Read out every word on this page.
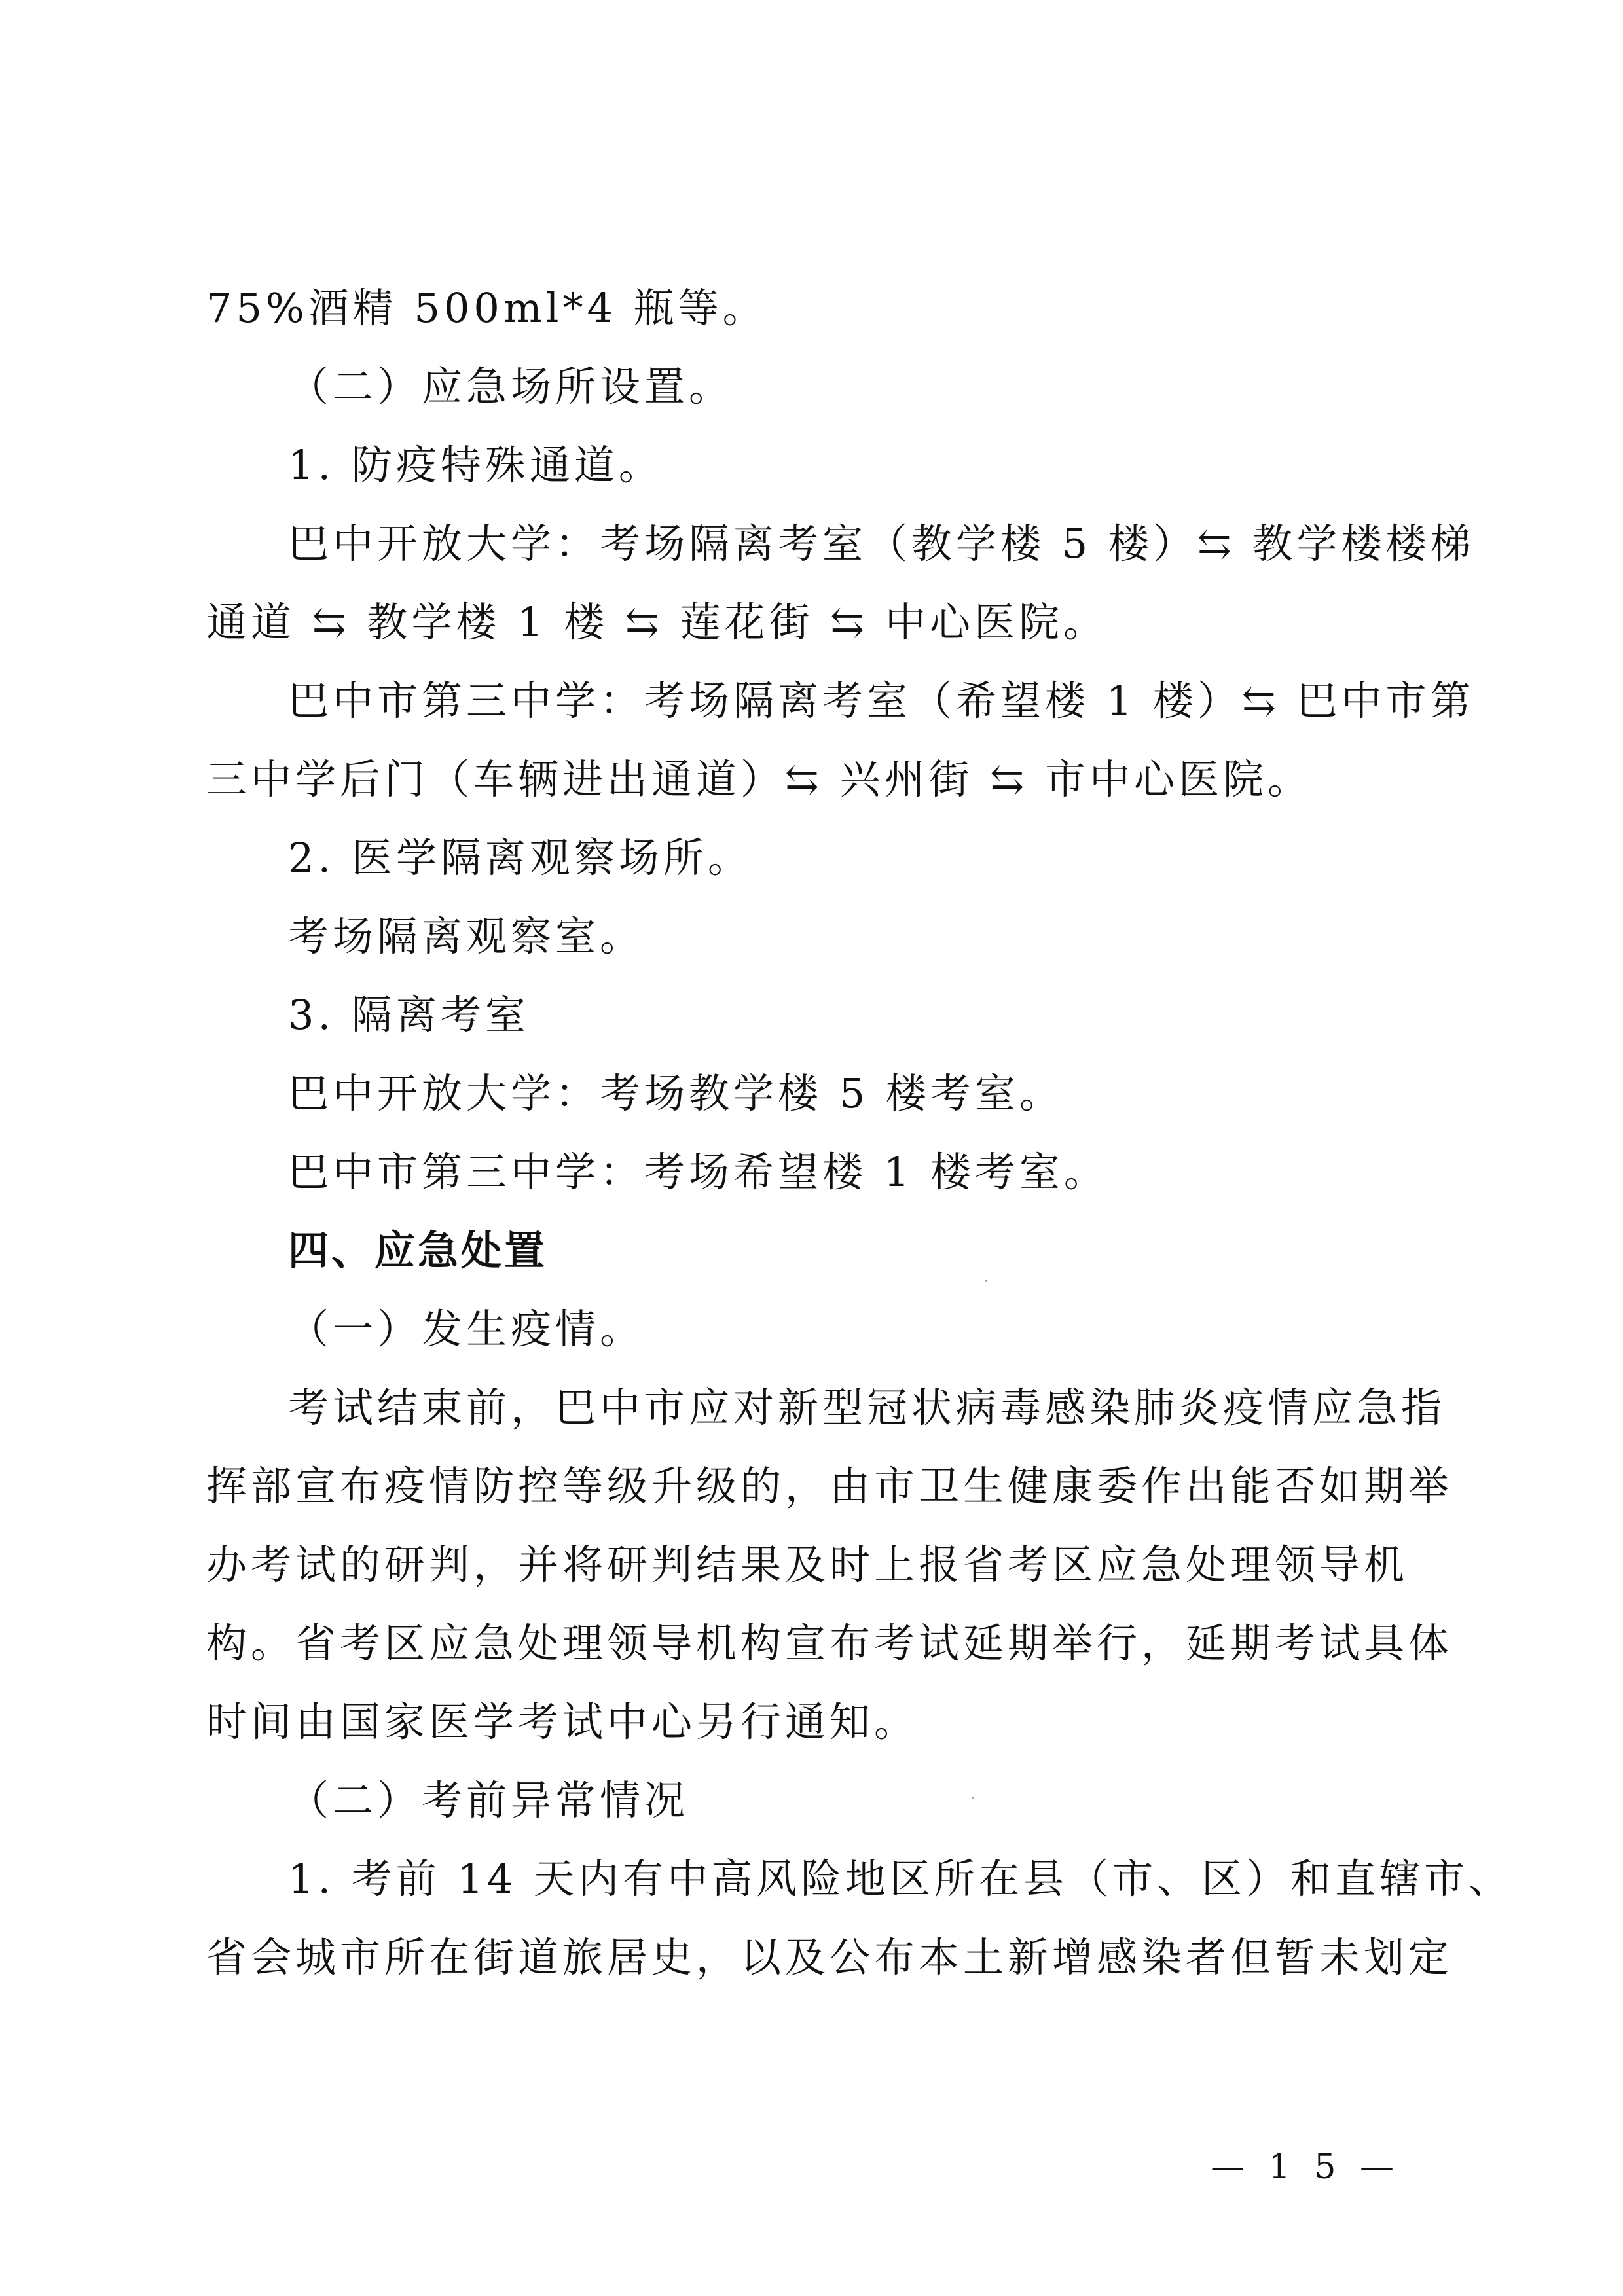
75%酒精 500ml*4 瓶等。
（二）应急场所设置。
1. 防疫特殊通道。
巴中开放大学：考场隔离考室（教学楼 5 楼）⇆ 教学楼楼梯
通道 ⇆ 教学楼 1 楼 ⇆ 莲花街 ⇆ 中心医院。
巴中市第三中学：考场隔离考室（希望楼 1 楼）⇆ 巴中市第
三中学后门（车辆进出通道）⇆ 兴州街 ⇆ 市中心医院。
2. 医学隔离观察场所。
考场隔离观察室。
3. 隔离考室
巴中开放大学：考场教学楼 5 楼考室。
巴中市第三中学：考场希望楼 1 楼考室。
四、应急处置
（一）发生疫情。
考试结束前，巴中市应对新型冠状病毒感染肺炎疫情应急指
挥部宣布疫情防控等级升级的，由市卫生健康委作出能否如期举
办考试的研判，并将研判结果及时上报省考区应急处理领导机
构。省考区应急处理领导机构宣布考试延期举行，延期考试具体
时间由国家医学考试中心另行通知。
（二）考前异常情况
1. 考前 14 天内有中高风险地区所在县（市、区）和直辖市、
省会城市所在街道旅居史，以及公布本土新增感染者但暂未划定
— 1 5 —
